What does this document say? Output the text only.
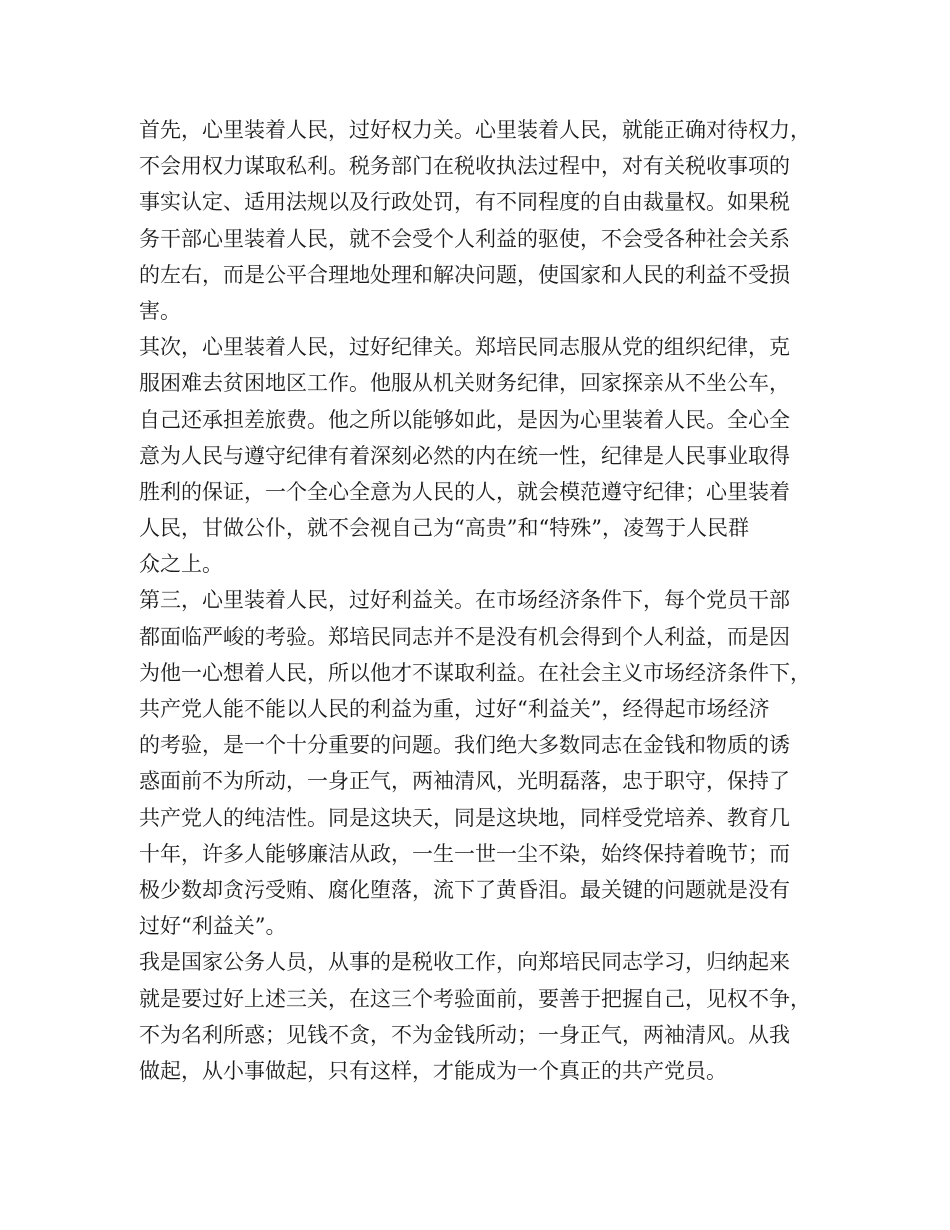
首先，心里装着人民，过好权力关。心里装着人民，就能正确对待权力，
不会用权力谋取私利。税务部门在税收执法过程中，对有关税收事项的
事实认定、适用法规以及行政处罚，有不同程度的自由裁量权。如果税
务干部心里装着人民，就不会受个人利益的驱使，不会受各种社会关系
的左右，而是公平合理地处理和解决问题，使国家和人民的利益不受损
害。
其次，心里装着人民，过好纪律关。郑培民同志服从党的组织纪律，克
服困难去贫困地区工作。他服从机关财务纪律，回家探亲从不坐公车，
自己还承担差旅费。他之所以能够如此，是因为心里装着人民。全心全
意为人民与遵守纪律有着深刻必然的内在统一性，纪律是人民事业取得
胜利的保证，一个全心全意为人民的人，就会模范遵守纪律；心里装着
人民，甘做公仆，就不会视自己为“高贵”和“特殊”，凌驾于人民群
众之上。
第三，心里装着人民，过好利益关。在市场经济条件下，每个党员干部
都面临严峻的考验。郑培民同志并不是没有机会得到个人利益，而是因
为他一心想着人民，所以他才不谋取利益。在社会主义市场经济条件下，
共产党人能不能以人民的利益为重，过好“利益关”，经得起市场经济
的考验，是一个十分重要的问题。我们绝大多数同志在金钱和物质的诱
惑面前不为所动，一身正气，两袖清风，光明磊落，忠于职守，保持了
共产党人的纯洁性。同是这块天，同是这块地，同样受党培养、教育几
十年，许多人能够廉洁从政，一生一世一尘不染，始终保持着晚节；而
极少数却贪污受贿、腐化堕落，流下了黄昏泪。最关键的问题就是没有
过好“利益关”。
我是国家公务人员，从事的是税收工作，向郑培民同志学习，归纳起来
就是要过好上述三关，在这三个考验面前，要善于把握自己，见权不争，
不为名利所惑；见钱不贪，不为金钱所动；一身正气，两袖清风。从我
做起，从小事做起，只有这样，才能成为一个真正的共产党员。
